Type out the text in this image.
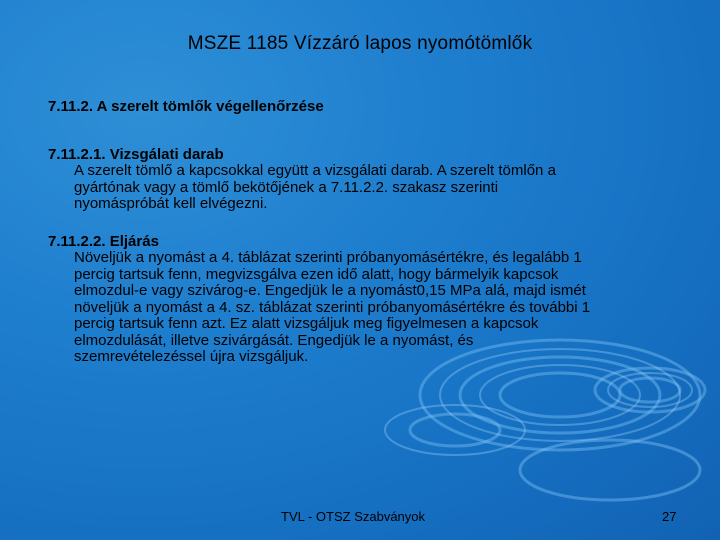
MSZE 1185 Vízzáró lapos nyomótömlők

7.11.2. A szerelt tömlők végellenőrzése

7.11.2.1. Vizsgálati darab

A szerelt tömlő a kapcsokkal együtt a vizsgálati darab. A szerelt tömlőn a
gyártónak vagy a tömlő bekötőjének a 7.11.2.2. szakasz szerinti
nyomáspróbát kell elvégezni.

7.11.2.2. Eljárás

Növeljük a nyomást a 4. táblázat szerinti próbanyomásértékre, és legalább 1
percig tartsuk fenn, megvizsgálva ezen idő alatt, hogy bármelyik kapcsok
elmozdul-e vagy szivárog-e. Engedjük le a nyomást0,15 MPa alá, majd ismét
növeljük a nyomást a 4. sz. táblázat szerinti próbanyomásértékre és további 1
percig tartsuk fenn azt. Ez alatt vizsgáljuk meg figyelmesen a kapcsok
elmozdulását, illetve szivárgását. Engedjük le a nyomást, és
szemrevételezéssel újra vizsgáljuk.
TVL - OTSZ Szabványok	27
